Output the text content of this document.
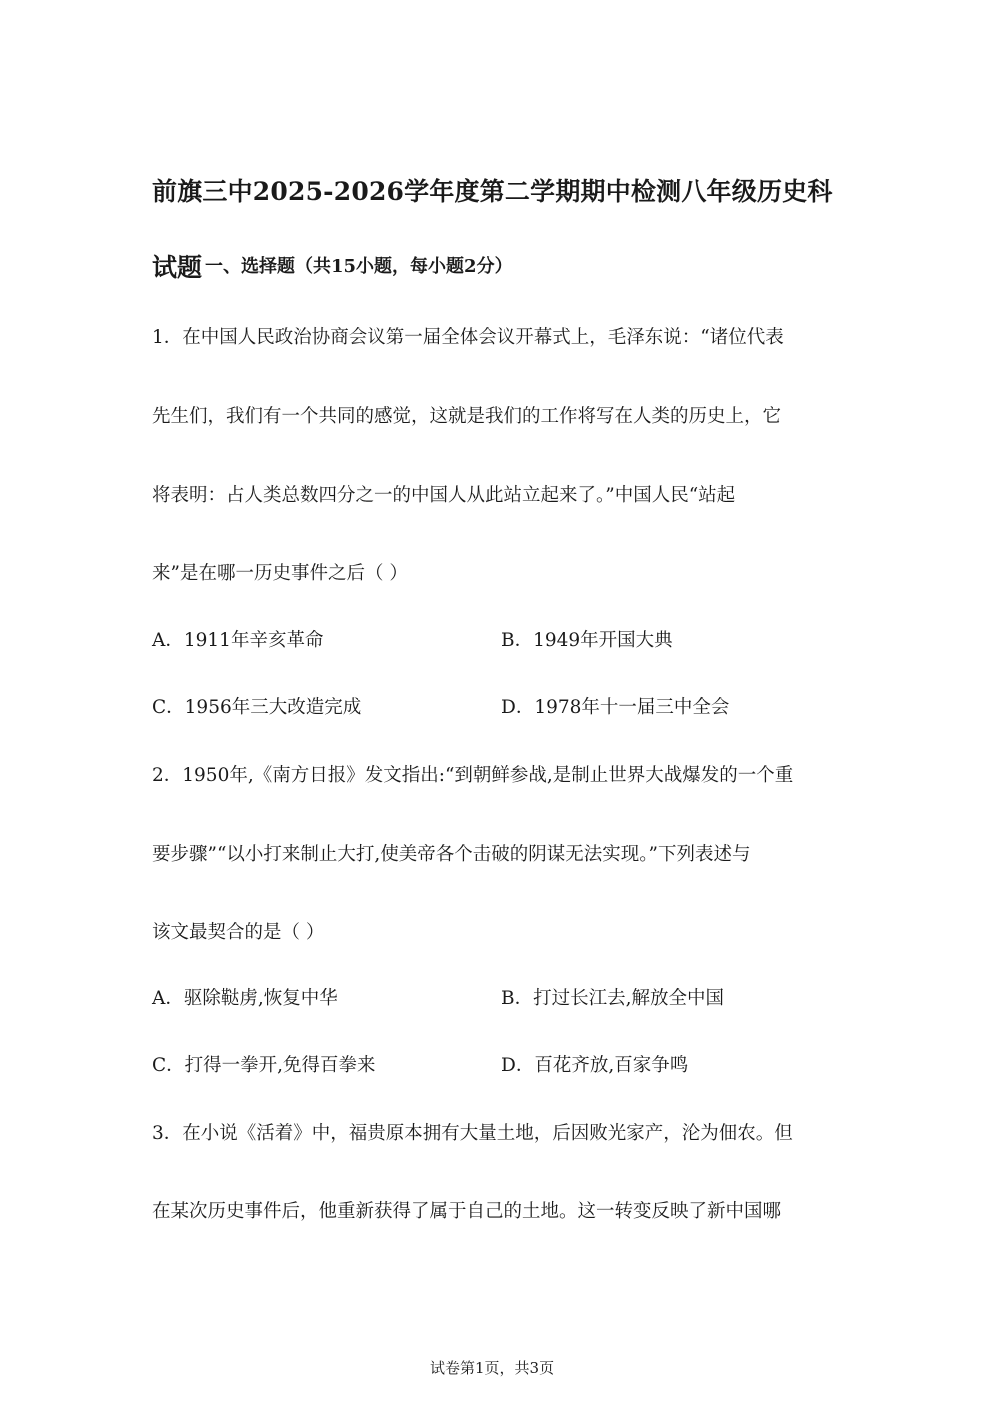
前旗三中2025-2026学年度第二学期期中检测八年级历史科
试题 一、选择题（共15小题，每小题2分）
1．在中国人民政治协商会议第一届全体会议开幕式上，毛泽东说：“诸位代表
先生们，我们有一个共同的感觉，这就是我们的工作将写在人类的历史上，它
将表明：占人类总数四分之一的中国人从此站立起来了。”中国人民“站起
来”是在哪一历史事件之后（ ）
A．1911年辛亥革命	B．1949年开国大典
C．1956年三大改造完成	D．1978年十一届三中全会
2．1950年,《南方日报》发文指出:“到朝鲜参战,是制止世界大战爆发的一个重
要步骤”“以小打来制止大打,使美帝各个击破的阴谋无法实现。”下列表述与
该文最契合的是（ ）
A．驱除鞑虏,恢复中华	B．打过长江去,解放全中国
C．打得一拳开,免得百拳来	D．百花齐放,百家争鸣
3．在小说《活着》中，福贵原本拥有大量土地，后因败光家产，沦为佃农。但
在某次历史事件后，他重新获得了属于自己的土地。这一转变反映了新中国哪
试卷第1页，共3页
